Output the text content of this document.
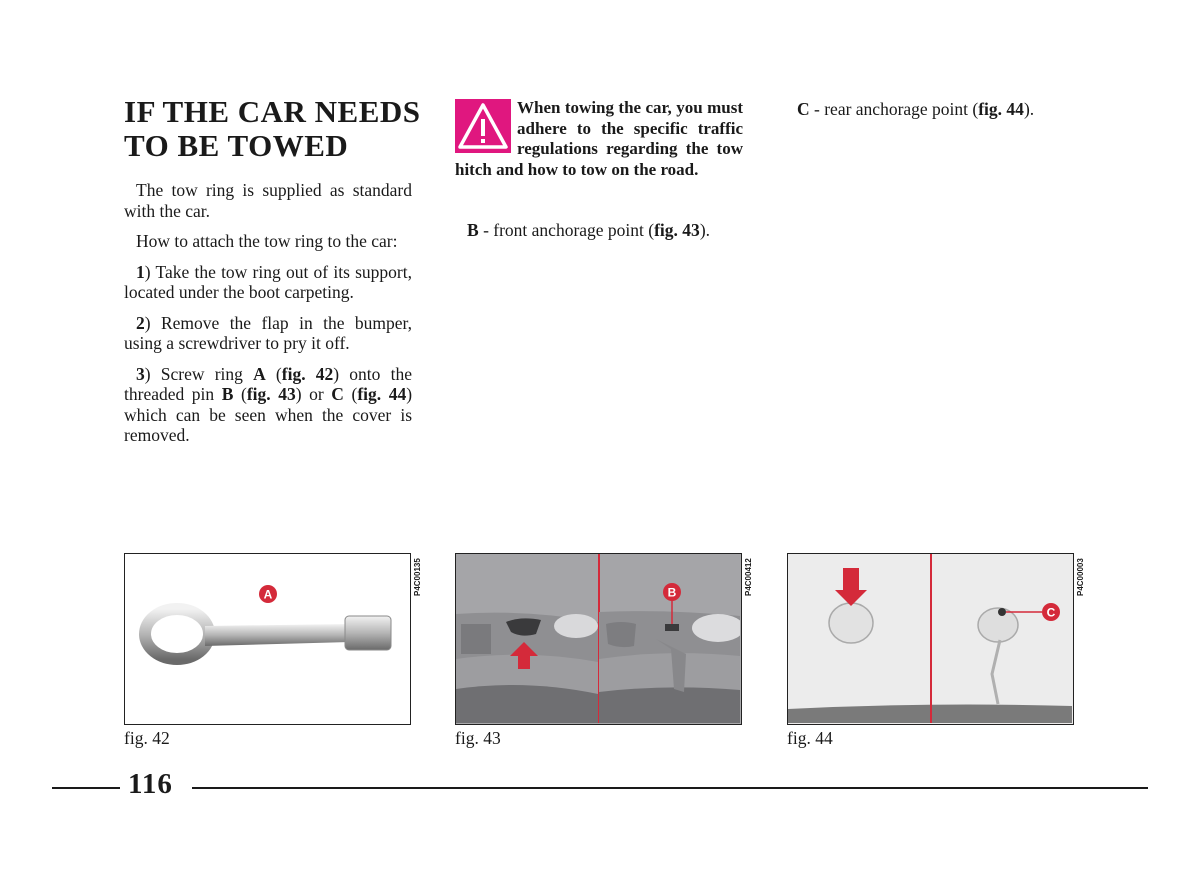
IF THE CAR NEEDS
TO BE TOWED

The tow ring is supplied as standard with the car.

How to attach the tow ring to the car:

1) Take the tow ring out of its support, located under the boot carpeting.

2) Remove the flap in the bumper, using a screwdriver to pry it off.

3) Screw ring A (fig. 42) onto the threaded pin B (fig. 43) or C (fig. 44) which can be seen when the cover is removed.

When towing the car, you must adhere to the specific traffic regulations regarding the tow hitch and how to tow on the road.
B - front anchorage point (fig. 43).
C - rear anchorage point (fig. 44).
A	P4C00135	B	P4C00412
C
P4C00003
fig. 42	fig. 43	fig. 44
116
